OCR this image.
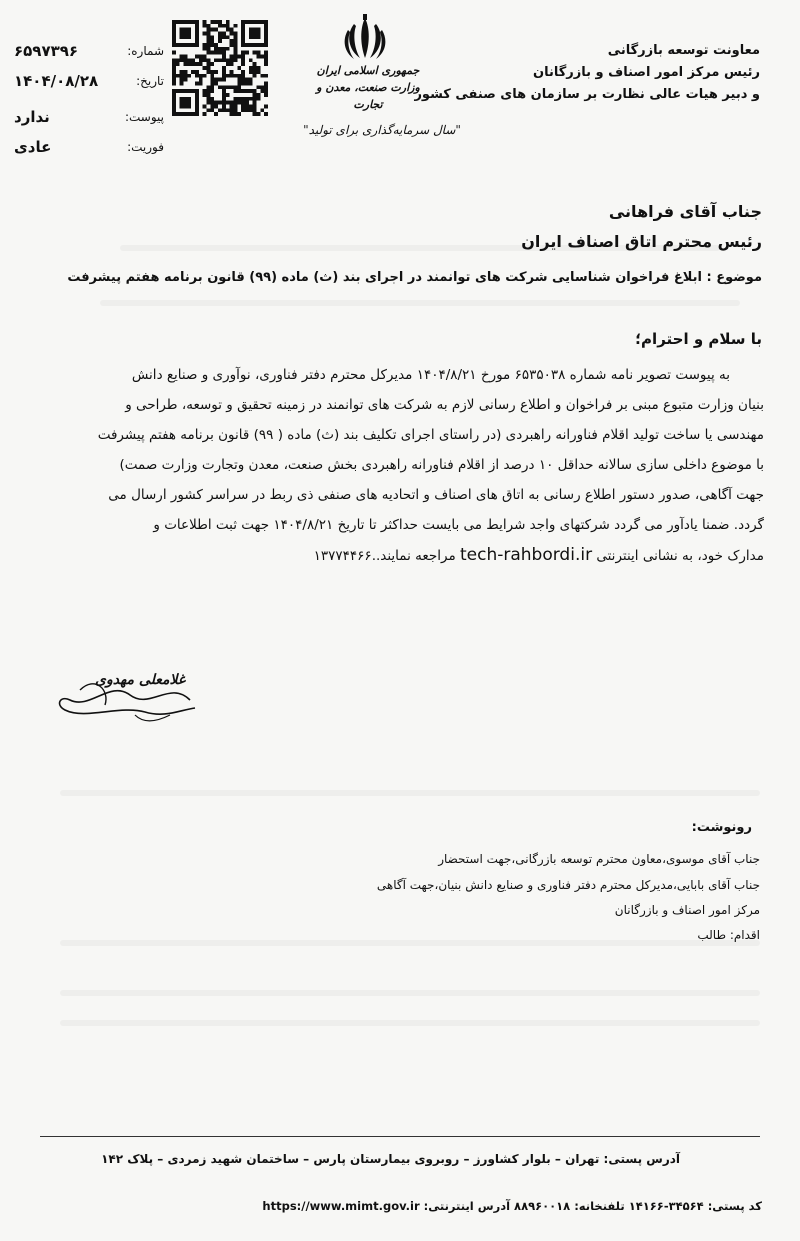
معاونت توسعه بازرگانی
رئیس مرکز امور اصناف و بازرگانان
و دبیر هیات عالی نظارت بر سازمان های صنفی کشور
جمهوری اسلامی ایران
وزارت صنعت، معدن و تجارت
"سال سرمایه‌گذاری برای تولید"
شماره:
۶۵۹۷۳۹۶
تاریخ:
۱۴۰۴/۰۸/۲۸
پیوست:
ندارد
فوریت:
عادی
جناب آقای فراهانی
رئیس محترم اتاق اصناف ایران
موضوع : ابلاغ فراخوان شناسایی شرکت های توانمند در اجرای بند (ث) ماده (۹۹) قانون برنامه هفتم پیشرفت
با سلام و احترام؛
به پیوست تصویر نامه شماره ۶۵۳۵۰۳۸ مورخ ۱۴۰۴/۸/۲۱ مدیرکل محترم دفتر فناوری، نوآوری و صنایع دانش
بنیان وزارت متبوع مبنی بر فراخوان و اطلاع رسانی لازم به شرکت های توانمند در زمینه تحقیق و توسعه، طراحی و
مهندسی یا ساخت تولید اقلام فناورانه راهبردی (در راستای اجرای تکلیف بند (ث) ماده ( ۹۹) قانون برنامه هفتم پیشرفت
با موضوع داخلی سازی سالانه حداقل ۱۰ درصد از اقلام فناورانه راهبردی بخش صنعت، معدن وتجارت وزارت صمت)
جهت آگاهی، صدور دستور اطلاع رسانی به اتاق های اصناف و اتحادیه های صنفی ذی ربط در سراسر کشور ارسال می
گردد. ضمنا یادآور می گردد شرکتهای واجد شرایط می بایست حداکثر تا تاریخ ۱۴۰۴/۸/۲۱ جهت ثبت اطلاعات و
مدارک خود، به نشانی اینترنتی tech-rahbordi.ir مراجعه نمایند..۱۳۷۷۴۴۶۶
غلامعلی مهدوی
رونوشت:
جناب آقای موسوی،معاون محترم توسعه بازرگانی،جهت استحضار
جناب آقای بابایی،مدیرکل محترم دفتر فناوری و صنایع دانش بنیان،جهت آگاهی
مرکز امور اصناف و بازرگانان
اقدام: طالب
آدرس پستی: تهران – بلوار کشاورز – روبروی بیمارستان پارس – ساختمان شهید زمردی – پلاک ۱۴۲
کد پستی: ۳۴۵۶۴-۱۴۱۶۶ تلفنخانه: ۸۸۹۶۰۰۱۸ آدرس اینترنتی: https://www.mimt.gov.ir
